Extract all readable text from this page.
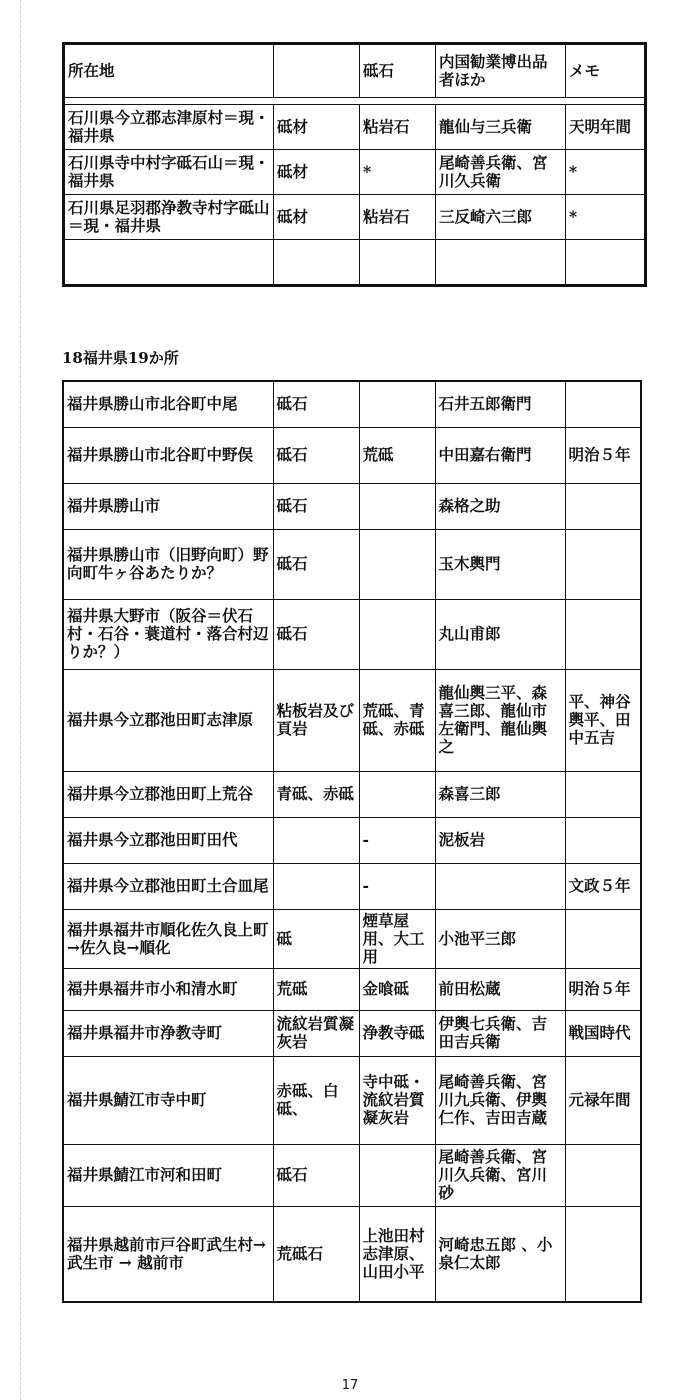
所在地		砥石	内国勧業博出品者ほか	メモ

石川県今立郡志津原村＝現・福井県	砥材	粘岩石	龍仙与三兵衛	天明年間
石川県寺中村字砥石山＝現・福井県	砥材	*	尾崎善兵衛、宮川久兵衛	*
石川県足羽郡浄教寺村字砥山＝現・福井県	砥材	粘岩石	三反崎六三郎	*

18福井県19か所
福井県勝山市北谷町中尾	砥石		石井五郎衛門	
福井県勝山市北谷町中野俣	砥石	荒砥	中田嘉右衛門	明治５年
福井県勝山市	砥石		森格之助	
福井県勝山市（旧野向町）野向町牛ヶ谷あたりか？	砥石		玉木輿門	
福井県大野市（阪谷＝伏石村・石谷・蓑道村・落合村辺りか？）	砥石		丸山甫郎	
福井県今立郡池田町志津原	粘板岩及び頁岩	荒砥、青砥、赤砥	龍仙輿三平、森喜三郎、龍仙市左衛門、龍仙輿之	平、神谷輿平、田中五吉
福井県今立郡池田町上荒谷	青砥、赤砥		森喜三郎	
福井県今立郡池田町田代		-	泥板岩	
福井県今立郡池田町土合皿尾		-		文政５年
福井県福井市順化佐久良上町→佐久良→順化	砥	煙草屋用、大工用	小池平三郎	
福井県福井市小和清水町	荒砥	金喰砥	前田松蔵	明治５年
福井県福井市浄教寺町	流紋岩質凝灰岩	浄教寺砥	伊輿七兵衛、吉田吉兵衛	戦国時代
福井県鯖江市寺中町	赤砥、白砥、	寺中砥・流紋岩質凝灰岩	尾崎善兵衛、宮川九兵衛、伊輿仁作、吉田吉蔵	元禄年間
福井県鯖江市河和田町	砥石		尾崎善兵衛、宮川久兵衛、宮川砂	
福井県越前市戸谷町武生村→武生市 → 越前市	荒砥石	上池田村志津原、山田小平	河崎忠五郎 、小泉仁太郎	
17
